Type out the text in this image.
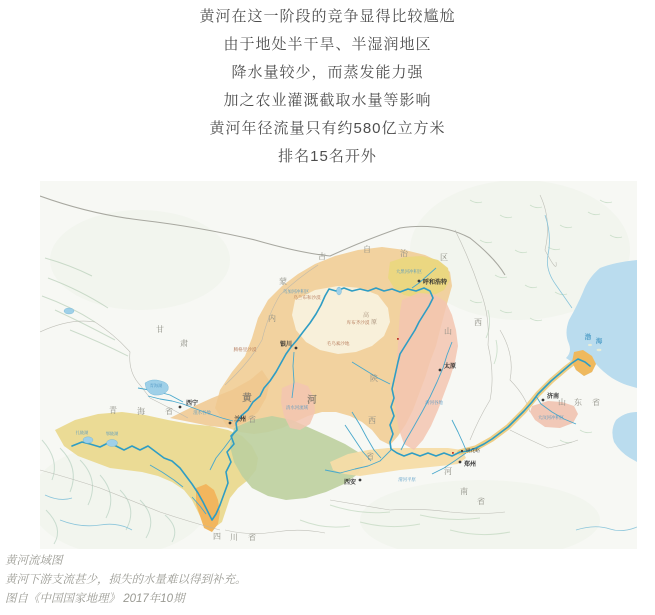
黄河在这一阶段的竞争显得比较尴尬

由于地处半干旱、半湿润地区

降水量较少，而蒸发能力强

加之农业灌溉截取水量等影响

黄河年径流量只有约580亿立方米

排名15名开外

青	海	省
甘
肃
省
内
蒙
古
自	治	区
陕
西
省
山
西
河
南
省
山 东 省
四 川 省
黄	河
高
原
大黑河冲积区
乌加河冲积区
清水河流域
渭河平原
汾河谷地
湟水谷地
大汶河冲积区
腾格里沙漠
乌兰布和沙漠
库布齐沙漠
毛乌素沙地
渤
海
扎陵湖	鄂陵湖
青海湖
桃花峪
西宁
兰州
银川
呼和浩特
太原
西安
郑州
济南

黄河流域图

黄河下游支流甚少，损失的水量难以得到补充。

图自《中国国家地理》 2017年10期
